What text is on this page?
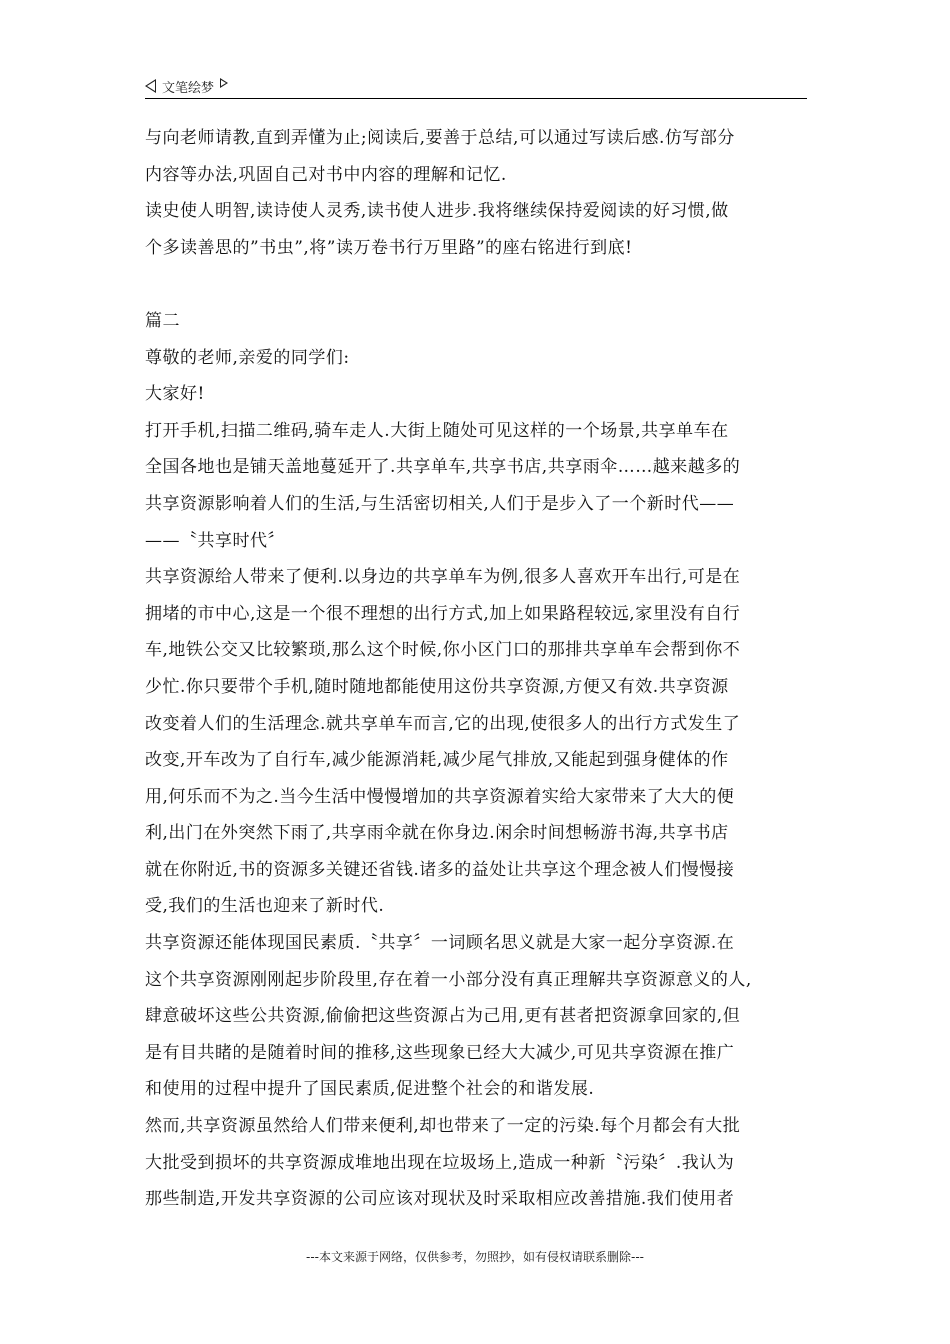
文笔绘梦
与向老师请教,直到弄懂为止;阅读后,要善于总结,可以通过写读后感.仿写部分
内容等办法,巩固自己对书中内容的理解和记忆.
读史使人明智,读诗使人灵秀,读书使人进步.我将继续保持爱阅读的好习惯,做
个多读善思的”书虫”,将”读万卷书行万里路”的座右铭进行到底!
篇二
尊敬的老师,亲爱的同学们:
大家好!
打开手机,扫描二维码,骑车走人.大街上随处可见这样的一个场景,共享单车在
全国各地也是铺天盖地蔓延开了.共享单车,共享书店,共享雨伞……越来越多的
共享资源影响着人们的生活,与生活密切相关,人们于是步入了一个新时代——
——〝共享时代〞
共享资源给人带来了便利.以身边的共享单车为例,很多人喜欢开车出行,可是在
拥堵的市中心,这是一个很不理想的出行方式,加上如果路程较远,家里没有自行
车,地铁公交又比较繁琐,那么这个时候,你小区门口的那排共享单车会帮到你不
少忙.你只要带个手机,随时随地都能使用这份共享资源,方便又有效.共享资源
改变着人们的生活理念.就共享单车而言,它的出现,使很多人的出行方式发生了
改变,开车改为了自行车,减少能源消耗,减少尾气排放,又能起到强身健体的作
用,何乐而不为之.当今生活中慢慢增加的共享资源着实给大家带来了大大的便
利,出门在外突然下雨了,共享雨伞就在你身边.闲余时间想畅游书海,共享书店
就在你附近,书的资源多关键还省钱.诸多的益处让共享这个理念被人们慢慢接
受,我们的生活也迎来了新时代.
共享资源还能体现国民素质.〝共享〞一词顾名思义就是大家一起分享资源.在
这个共享资源刚刚起步阶段里,存在着一小部分没有真正理解共享资源意义的人,
肆意破坏这些公共资源,偷偷把这些资源占为己用,更有甚者把资源拿回家的,但
是有目共睹的是随着时间的推移,这些现象已经大大减少,可见共享资源在推广
和使用的过程中提升了国民素质,促进整个社会的和谐发展.
然而,共享资源虽然给人们带来便利,却也带来了一定的污染.每个月都会有大批
大批受到损坏的共享资源成堆地出现在垃圾场上,造成一种新〝污染〞.我认为
那些制造,开发共享资源的公司应该对现状及时采取相应改善措施.我们使用者
---本文来源于网络，仅供参考，勿照抄，如有侵权请联系删除---
